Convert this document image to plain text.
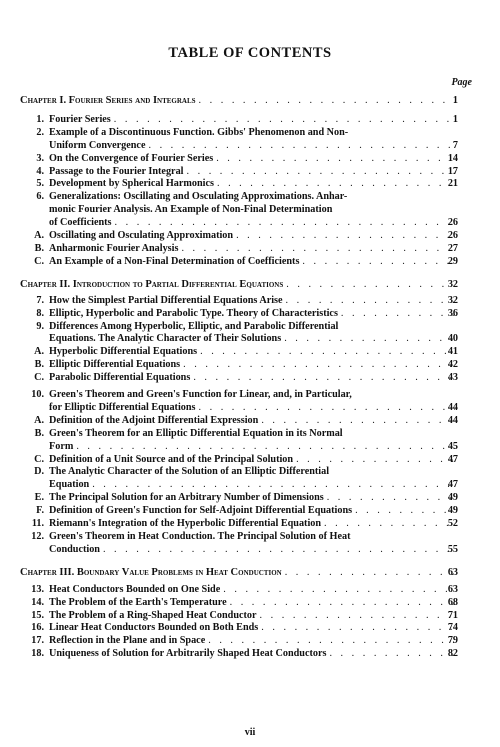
TABLE OF CONTENTS
Page
Chapter I. Fourier Series and Integrals . . .	1
1. Fourier Series . . .	1
2. Example of a Discontinuous Function. Gibbs' Phenomenon and Non-
Uniform Convergence . . .	7
3. On the Convergence of Fourier Series . . .	14
4. Passage to the Fourier Integral . . .	17
5. Development by Spherical Harmonics . . .	21
6. Generalizations: Oscillating and Osculating Approximations. Anhar-
monic Fourier Analysis. An Example of Non-Final Determination
of Coefficients . . .	26
A. Oscillating and Osculating Approximation . . .	26
B. Anharmonic Fourier Analysis . . .	27
C. An Example of a Non-Final Determination of Coefficients . . .	29
Chapter II. Introduction to Partial Differential Equations . . .	32
7. How the Simplest Partial Differential Equations Arise . . .	32
8. Elliptic, Hyperbolic and Parabolic Type. Theory of Characteristics . . .	36
9. Differences Among Hyperbolic, Elliptic, and Parabolic Differential
Equations. The Analytic Character of Their Solutions . . .	40
A. Hyperbolic Differential Equations . . .	41
B. Elliptic Differential Equations . . .	42
C. Parabolic Differential Equations . . .	43
10. Green's Theorem and Green's Function for Linear, and, in Particular,
for Elliptic Differential Equations . . .	44
A. Definition of the Adjoint Differential Expression . . .	44
B. Green's Theorem for an Elliptic Differential Equation in its Normal
Form . . .	45
C. Definition of a Unit Source and of the Principal Solution . . .	47
D. The Analytic Character of the Solution of an Elliptic Differential
Equation . . .	47
E. The Principal Solution for an Arbitrary Number of Dimensions . . .	49
F. Definition of Green's Function for Self-Adjoint Differential Equations . . .	49
11. Riemann's Integration of the Hyperbolic Differential Equation . . .	52
12. Green's Theorem in Heat Conduction. The Principal Solution of Heat
Conduction . . .	55
Chapter III. Boundary Value Problems in Heat Conduction . . .	63
13. Heat Conductors Bounded on One Side . . .	63
14. The Problem of the Earth's Temperature . . .	68
15. The Problem of a Ring-Shaped Heat Conductor . . .	71
16. Linear Heat Conductors Bounded on Both Ends . . .	74
17. Reflection in the Plane and in Space . . .	79
18. Uniqueness of Solution for Arbitrarily Shaped Heat Conductors . . .	82
vii
